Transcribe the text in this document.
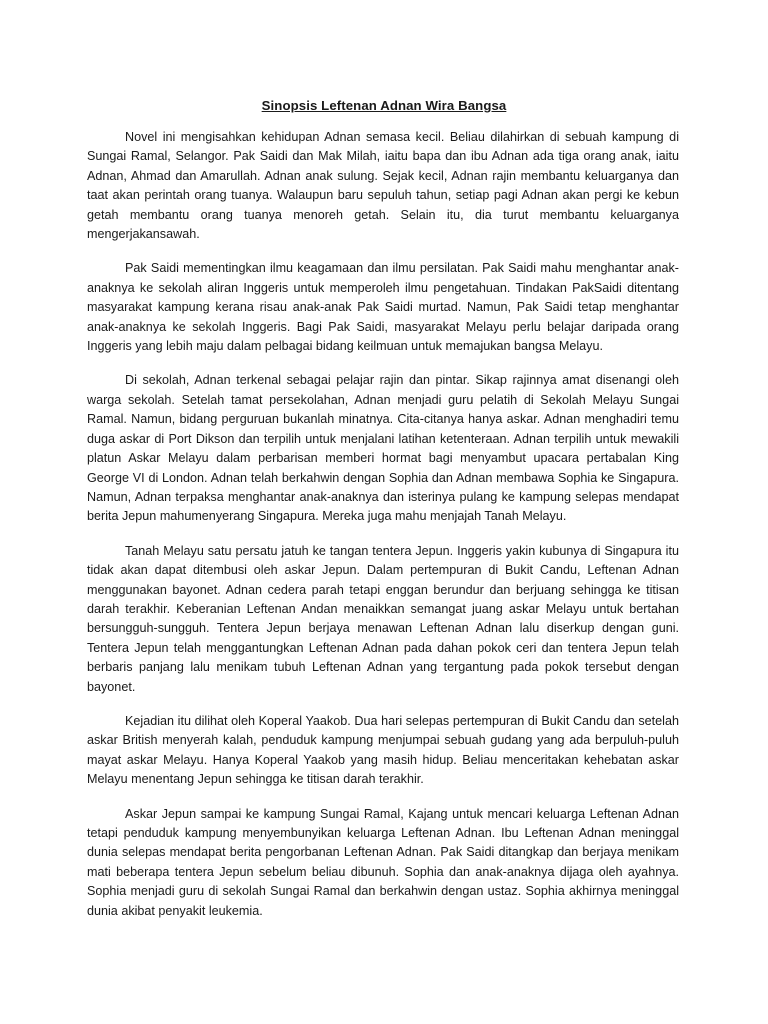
Sinopsis Leftenan Adnan Wira Bangsa

Novel ini mengisahkan kehidupan Adnan semasa kecil. Beliau dilahirkan di sebuah kampung di Sungai Ramal, Selangor. Pak Saidi dan Mak Milah, iaitu bapa dan ibu Adnan ada tiga orang anak, iaitu Adnan, Ahmad dan Amarullah. Adnan anak sulung. Sejak kecil, Adnan rajin membantu keluarganya dan taat akan perintah orang tuanya. Walaupun baru sepuluh tahun, setiap pagi Adnan akan pergi ke kebun getah membantu orang tuanya menoreh getah. Selain itu, dia turut membantu keluarganya mengerjakansawah.

Pak Saidi mementingkan ilmu keagamaan dan ilmu persilatan. Pak Saidi mahu menghantar anak-anaknya ke sekolah aliran Inggeris untuk memperoleh ilmu pengetahuan. Tindakan PakSaidi ditentang masyarakat kampung kerana risau anak-anak Pak Saidi murtad. Namun, Pak Saidi tetap menghantar anak-anaknya ke sekolah Inggeris. Bagi Pak Saidi, masyarakat Melayu perlu belajar daripada orang Inggeris yang lebih maju dalam pelbagai bidang keilmuan untuk memajukan bangsa Melayu.

Di sekolah, Adnan terkenal sebagai pelajar rajin dan pintar. Sikap rajinnya amat disenangi oleh warga sekolah. Setelah tamat persekolahan, Adnan menjadi guru pelatih di Sekolah Melayu Sungai Ramal. Namun, bidang perguruan bukanlah minatnya. Cita-citanya hanya askar. Adnan menghadiri temu duga askar di Port Dikson dan terpilih untuk menjalani latihan ketenteraan. Adnan terpilih untuk mewakili platun Askar Melayu dalam perbarisan memberi hormat bagi menyambut upacara pertabalan King George VI di London. Adnan telah berkahwin dengan Sophia dan Adnan membawa Sophia ke Singapura. Namun, Adnan terpaksa menghantar anak-anaknya dan isterinya pulang ke kampung selepas mendapat berita Jepun mahumenyerang Singapura. Mereka juga mahu menjajah Tanah Melayu.

Tanah Melayu satu persatu jatuh ke tangan tentera Jepun. Inggeris yakin kubunya di Singapura itu tidak akan dapat ditembusi oleh askar Jepun. Dalam pertempuran di Bukit Candu, Leftenan Adnan menggunakan bayonet. Adnan cedera parah tetapi enggan berundur dan berjuang sehingga ke titisan darah terakhir. Keberanian Leftenan Andan menaikkan semangat juang askar Melayu untuk bertahan bersungguh-sungguh. Tentera Jepun berjaya menawan Leftenan Adnan lalu diserkup dengan guni. Tentera Jepun telah menggantungkan Leftenan Adnan pada dahan pokok ceri dan tentera Jepun telah berbaris panjang lalu menikam tubuh Leftenan Adnan yang tergantung pada pokok tersebut dengan bayonet.

Kejadian itu dilihat oleh Koperal Yaakob. Dua hari selepas pertempuran di Bukit Candu dan setelah askar British menyerah kalah, penduduk kampung menjumpai sebuah gudang yang ada berpuluh-puluh mayat askar Melayu. Hanya Koperal Yaakob yang masih hidup. Beliau menceritakan kehebatan askar Melayu menentang Jepun sehingga ke titisan darah terakhir.

Askar Jepun sampai ke kampung Sungai Ramal, Kajang untuk mencari keluarga Leftenan Adnan tetapi penduduk kampung menyembunyikan keluarga Leftenan Adnan. Ibu Leftenan Adnan meninggal dunia selepas mendapat berita pengorbanan Leftenan Adnan. Pak Saidi ditangkap dan berjaya menikam mati beberapa tentera Jepun sebelum beliau dibunuh. Sophia dan anak-anaknya dijaga oleh ayahnya. Sophia menjadi guru di sekolah Sungai Ramal dan berkahwin dengan ustaz. Sophia akhirnya meninggal dunia akibat penyakit leukemia.
